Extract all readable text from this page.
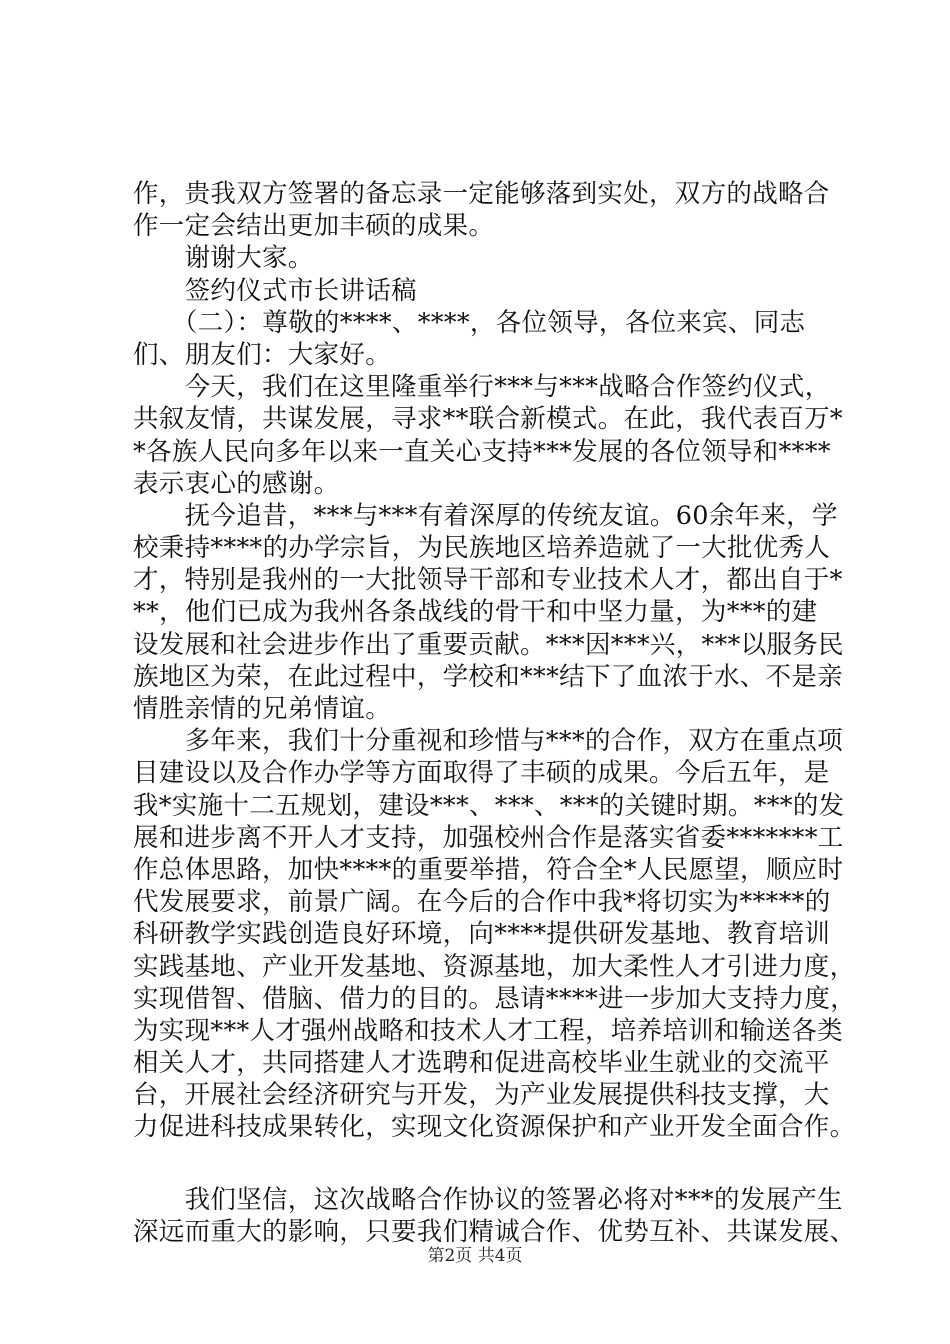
作，贵我双方签署的备忘录一定能够落到实处，双方的战略合
作一定会结出更加丰硕的成果。
　　谢谢大家。
　　签约仪式市长讲话稿
　　（二）：尊敬的****、****，各位领导，各位来宾、同志
们、朋友们：大家好。
　　今天，我们在这里隆重举行***与***战略合作签约仪式，
共叙友情，共谋发展，寻求**联合新模式。在此，我代表百万*
*各族人民向多年以来一直关心支持***发展的各位领导和****
表示衷心的感谢。
　　抚今追昔，***与***有着深厚的传统友谊。60余年来，学
校秉持****的办学宗旨，为民族地区培养造就了一大批优秀人
才，特别是我州的一大批领导干部和专业技术人才，都出自于*
**，他们已成为我州各条战线的骨干和中坚力量，为***的建
设发展和社会进步作出了重要贡献。***因***兴，***以服务民
族地区为荣，在此过程中，学校和***结下了血浓于水、不是亲
情胜亲情的兄弟情谊。
　　多年来，我们十分重视和珍惜与***的合作，双方在重点项
目建设以及合作办学等方面取得了丰硕的成果。今后五年，是
我*实施十二五规划，建设***、***、***的关键时期。***的发
展和进步离不开人才支持，加强校州合作是落实省委*******工
作总体思路，加快****的重要举措，符合全*人民愿望，顺应时
代发展要求，前景广阔。在今后的合作中我*将切实为*****的
科研教学实践创造良好环境，向****提供研发基地、教育培训
实践基地、产业开发基地、资源基地，加大柔性人才引进力度，
实现借智、借脑、借力的目的。恳请****进一步加大支持力度，
为实现***人才强州战略和技术人才工程，培养培训和输送各类
相关人才，共同搭建人才选聘和促进高校毕业生就业的交流平
台，开展社会经济研究与开发，为产业发展提供科技支撑，大
力促进科技成果转化，实现文化资源保护和产业开发全面合作。
　　我们坚信，这次战略合作协议的签署必将对***的发展产生
深远而重大的影响，只要我们精诚合作、优势互补、共谋发展、
第2页 共4页
